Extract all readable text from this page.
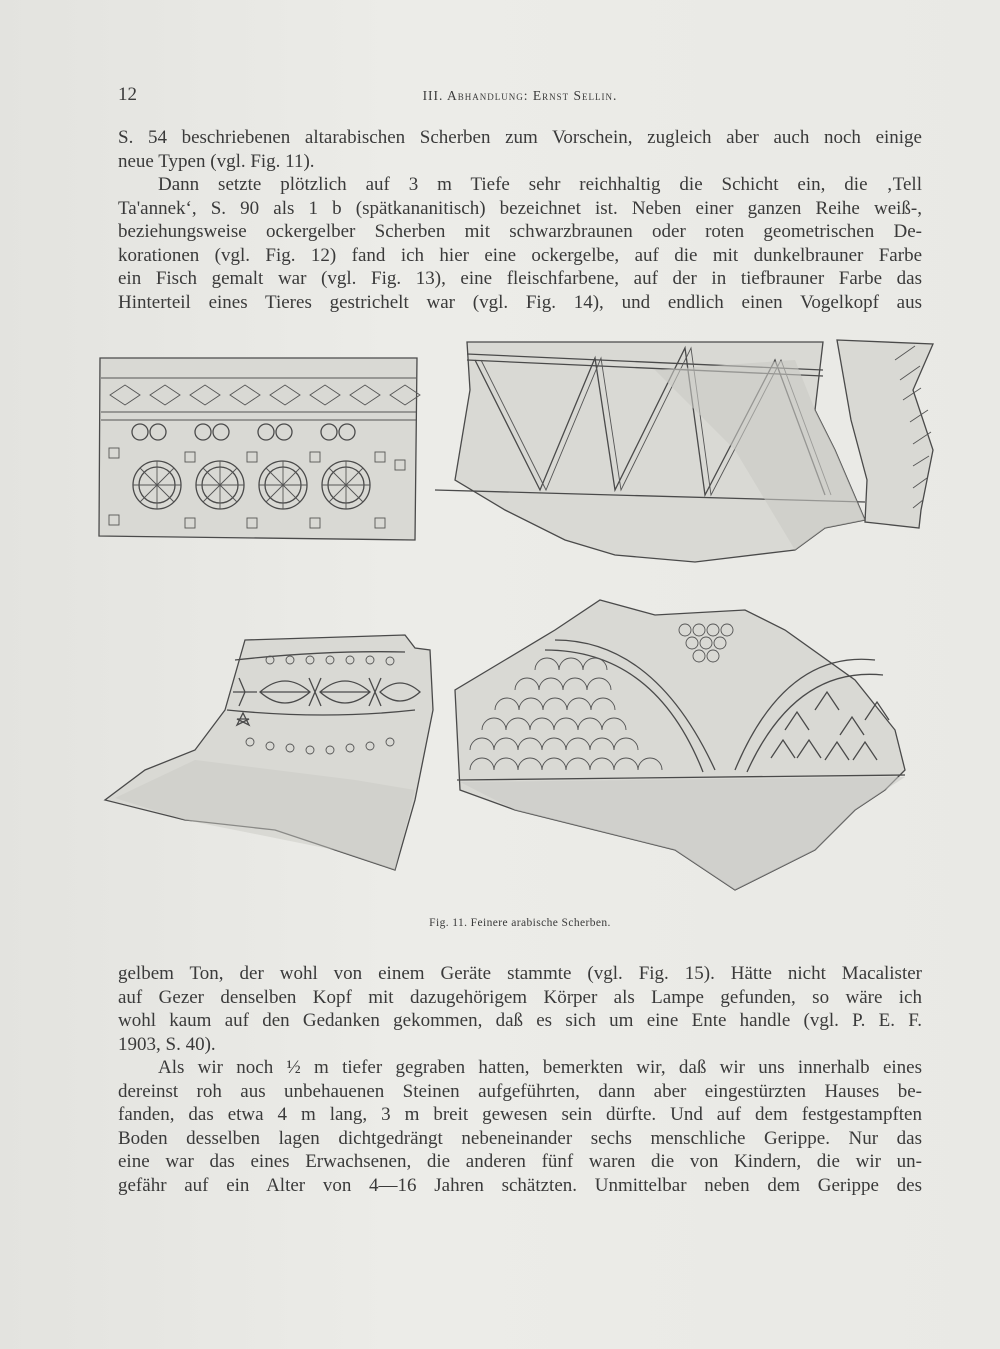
12	III. Abhandlung: Ernst Sellin.
S. 54 beschriebenen altarabischen Scherben zum Vorschein, zugleich aber auch noch einige
neue Typen (vgl. Fig. 11).
Dann setzte plötzlich auf 3 m Tiefe sehr reichhaltig die Schicht ein, die ‚Tell
Ta'annek‘, S. 90 als 1 b (spätkananitisch) bezeichnet ist. Neben einer ganzen Reihe weiß-,
beziehungsweise ockergelber Scherben mit schwarzbraunen oder roten geometrischen De-
korationen (vgl. Fig. 12) fand ich hier eine ockergelbe, auf die mit dunkelbrauner Farbe
ein Fisch gemalt war (vgl. Fig. 13), eine fleischfarbene, auf der in tiefbrauner Farbe das
Hinterteil eines Tieres gestrichelt war (vgl. Fig. 14), und endlich einen Vogelkopf aus
Fig. 11. Feinere arabische Scherben.
gelbem Ton, der wohl von einem Geräte stammte (vgl. Fig. 15). Hätte nicht Macalister
auf Gezer denselben Kopf mit dazugehörigem Körper als Lampe gefunden, so wäre ich
wohl kaum auf den Gedanken gekommen, daß es sich um eine Ente handle (vgl. P. E. F.
1903, S. 40).
Als wir noch ½ m tiefer gegraben hatten, bemerkten wir, daß wir uns innerhalb eines
dereinst roh aus unbehauenen Steinen aufgeführten, dann aber eingestürzten Hauses be-
fanden, das etwa 4 m lang, 3 m breit gewesen sein dürfte. Und auf dem festgestampften
Boden desselben lagen dichtgedrängt nebeneinander sechs menschliche Gerippe. Nur das
eine war das eines Erwachsenen, die anderen fünf waren die von Kindern, die wir un-
gefähr auf ein Alter von 4—16 Jahren schätzten. Unmittelbar neben dem Gerippe des
